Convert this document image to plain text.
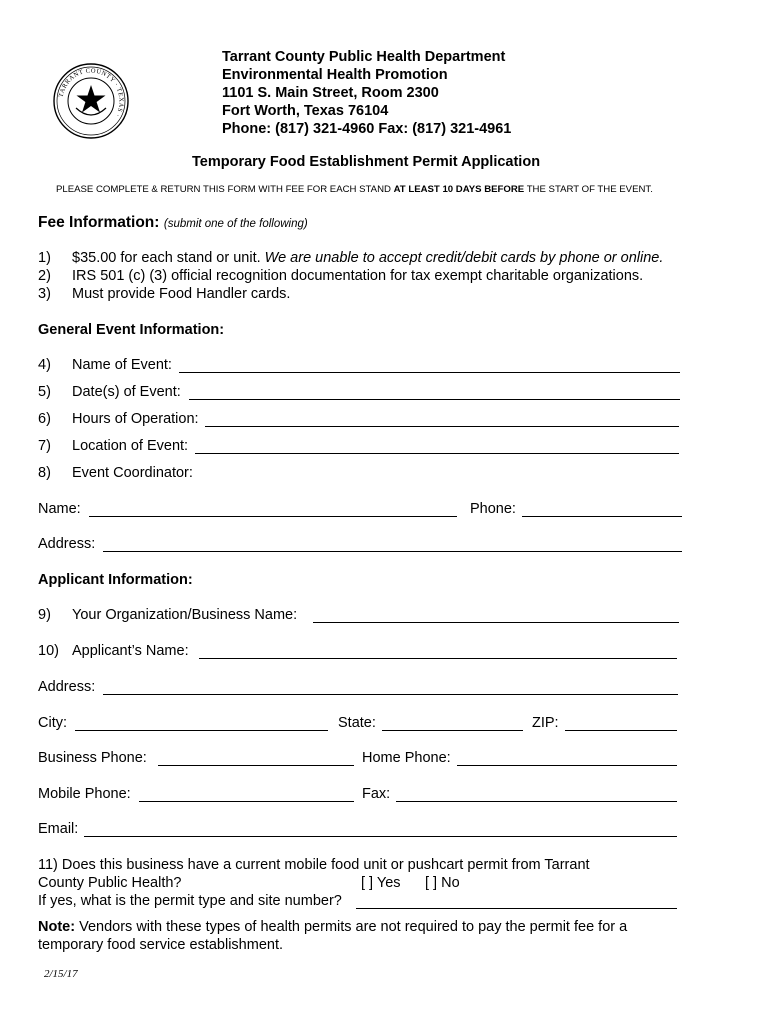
TARRANT COUNTY · TEXAS ·
Tarrant County Public Health Department
Environmental Health Promotion
1101 S. Main Street, Room 2300
Fort Worth, Texas 76104
Phone: (817) 321-4960 Fax: (817) 321-4961
Temporary Food Establishment Permit Application
PLEASE COMPLETE & RETURN THIS FORM WITH FEE FOR EACH STAND AT LEAST 10 DAYS BEFORE THE START OF THE EVENT.
Fee Information: (submit one of the following)
1) $35.00 for each stand or unit. We are unable to accept credit/debit cards by phone or online.
2) IRS 501 (c) (3) official recognition documentation for tax exempt charitable organizations.
3) Must provide Food Handler cards.
General Event Information:
4) Name of Event:
5) Date(s) of Event:
6) Hours of Operation:
7) Location of Event:
8) Event Coordinator:
Name:	Phone:
Address:
Applicant Information:
9) Your Organization/Business Name:
10) Applicant’s Name:
Address:
City:	State:	ZIP:
Business Phone:	Home Phone:
Mobile Phone:	Fax:
Email:
11) Does this business have a current mobile food unit or pushcart permit from Tarrant
County Public Health?	[ ] Yes [ ] No
If yes, what is the permit type and site number?
Note: Vendors with these types of health permits are not required to pay the permit fee for a
temporary food service establishment.
2/15/17
